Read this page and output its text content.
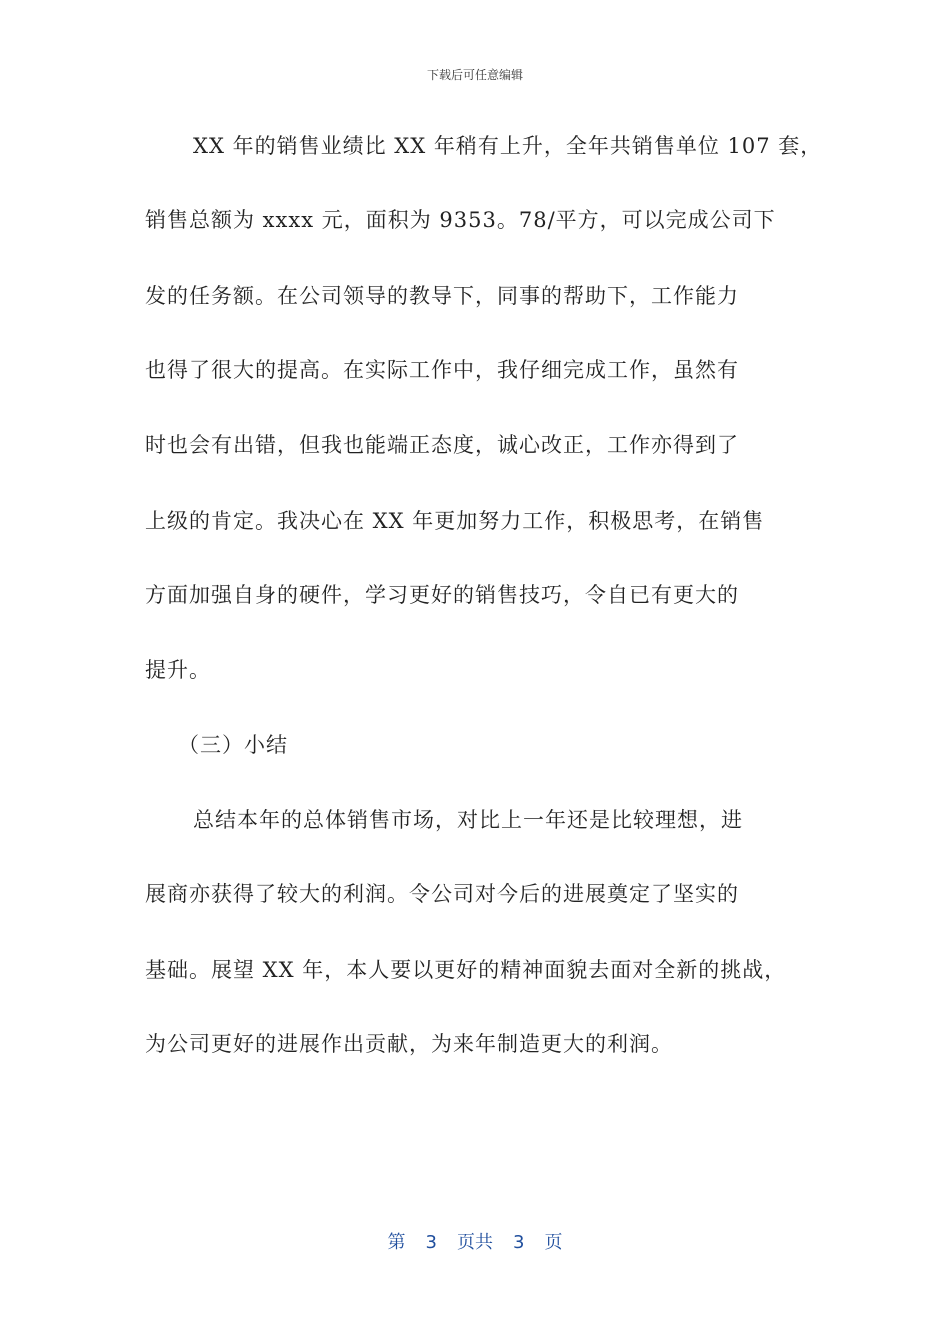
下载后可任意编辑
XX 年的销售业绩比 XX 年稍有上升，全年共销售单位 107 套，
销售总额为 xxxx 元，面积为 9353。78/平方，可以完成公司下
发的任务额。在公司领导的教导下，同事的帮助下，工作能力
也得了很大的提高。在实际工作中，我仔细完成工作，虽然有
时也会有出错，但我也能端正态度，诚心改正，工作亦得到了
上级的肯定。我决心在 XX 年更加努力工作，积极思考，在销售
方面加强自身的硬件，学习更好的销售技巧，令自已有更大的
提升。
（三）小结
总结本年的总体销售市场，对比上一年还是比较理想，进
展商亦获得了较大的利润。令公司对今后的进展奠定了坚实的
基础。展望 XX 年，本人要以更好的精神面貌去面对全新的挑战，
为公司更好的进展作出贡献，为来年制造更大的利润。
第 3 页共 3 页
